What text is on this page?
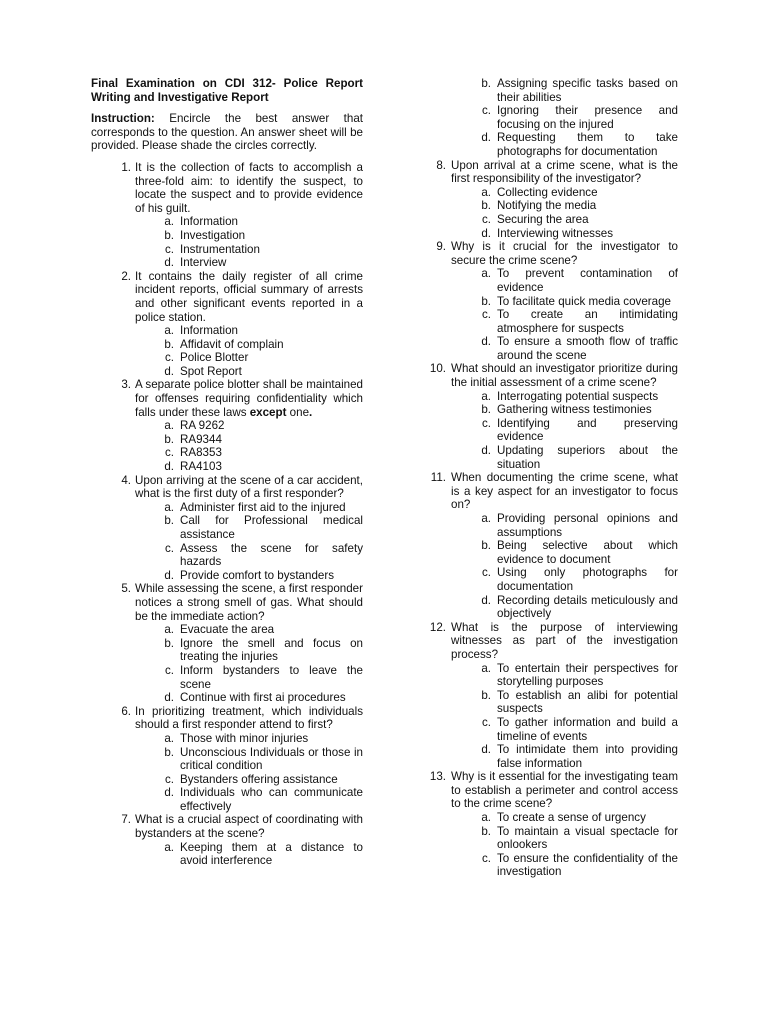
Final Examination on CDI 312- Police Report Writing and Investigative Report
Instruction: Encircle the best answer that corresponds to the question. An answer sheet will be provided. Please shade the circles correctly.
1. It is the collection of facts to accomplish a three-fold aim: to identify the suspect, to locate the suspect and to provide evidence of his guilt.
a. Information
b. Investigation
c. Instrumentation
d. Interview
2. It contains the daily register of all crime incident reports, official summary of arrests and other significant events reported in a police station.
a. Information
b. Affidavit of complain
c. Police Blotter
d. Spot Report
3. A separate police blotter shall be maintained for offenses requiring confidentiality which falls under these laws except one.
a. RA 9262
b. RA9344
c. RA8353
d. RA4103
4. Upon arriving at the scene of a car accident, what is the first duty of a first responder?
a. Administer first aid to the injured
b. Call for Professional medical assistance
c. Assess the scene for safety hazards
d. Provide comfort to bystanders
5. While assessing the scene, a first responder notices a strong smell of gas. What should be the immediate action?
a. Evacuate the area
b. Ignore the smell and focus on treating the injuries
c. Inform bystanders to leave the scene
d. Continue with first ai procedures
6. In prioritizing treatment, which individuals should a first responder attend to first?
a. Those with minor injuries
b. Unconscious Individuals or those in critical condition
c. Bystanders offering assistance
d. Individuals who can communicate effectively
7. What is a crucial aspect of coordinating with bystanders at the scene?
a. Keeping them at a distance to avoid interference
b. Assigning specific tasks based on their abilities
c. Ignoring their presence and focusing on the injured
d. Requesting them to take photographs for documentation
8. Upon arrival at a crime scene, what is the first responsibility of the investigator?
a. Collecting evidence
b. Notifying the media
c. Securing the area
d. Interviewing witnesses
9. Why is it crucial for the investigator to secure the crime scene?
a. To prevent contamination of evidence
b. To facilitate quick media coverage
c. To create an intimidating atmosphere for suspects
d. To ensure a smooth flow of traffic around the scene
10. What should an investigator prioritize during the initial assessment of a crime scene?
a. Interrogating potential suspects
b. Gathering witness testimonies
c. Identifying and preserving evidence
d. Updating superiors about the situation
11. When documenting the crime scene, what is a key aspect for an investigator to focus on?
a. Providing personal opinions and assumptions
b. Being selective about which evidence to document
c. Using only photographs for documentation
d. Recording details meticulously and objectively
12. What is the purpose of interviewing witnesses as part of the investigation process?
a. To entertain their perspectives for storytelling purposes
b. To establish an alibi for potential suspects
c. To gather information and build a timeline of events
d. To intimidate them into providing false information
13. Why is it essential for the investigating team to establish a perimeter and control access to the crime scene?
a. To create a sense of urgency
b. To maintain a visual spectacle for onlookers
c. To ensure the confidentiality of the investigation
